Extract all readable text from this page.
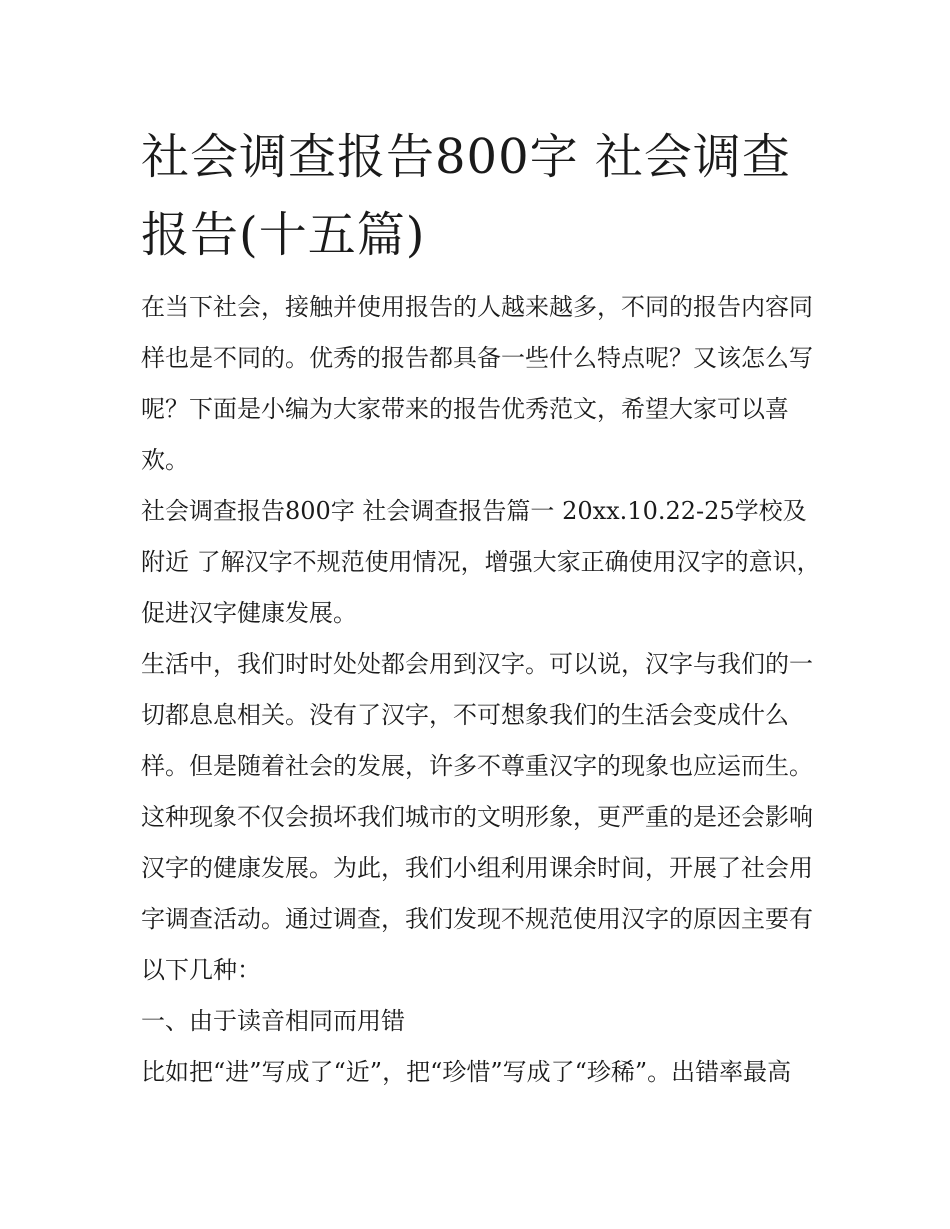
社会调查报告800字 社会调查报告(十五篇)

在当下社会，接触并使用报告的人越来越多，不同的报告内容同样也是不同的。优秀的报告都具备一些什么特点呢？又该怎么写呢？下面是小编为大家带来的报告优秀范文，希望大家可以喜欢。

社会调查报告800字 社会调查报告篇一 20xx.10.22-25学校及附近 了解汉字不规范使用情况，增强大家正确使用汉字的意识，促进汉字健康发展。

生活中，我们时时处处都会用到汉字。可以说，汉字与我们的一切都息息相关。没有了汉字，不可想象我们的生活会变成什么样。但是随着社会的发展，许多不尊重汉字的现象也应运而生。这种现象不仅会损坏我们城市的文明形象，更严重的是还会影响汉字的健康发展。为此，我们小组利用课余时间，开展了社会用字调查活动。通过调查，我们发现不规范使用汉字的原因主要有以下几种：

一、由于读音相同而用错

比如把“进”写成了“近”，把“珍惜”写成了“珍稀”。出错率最高
